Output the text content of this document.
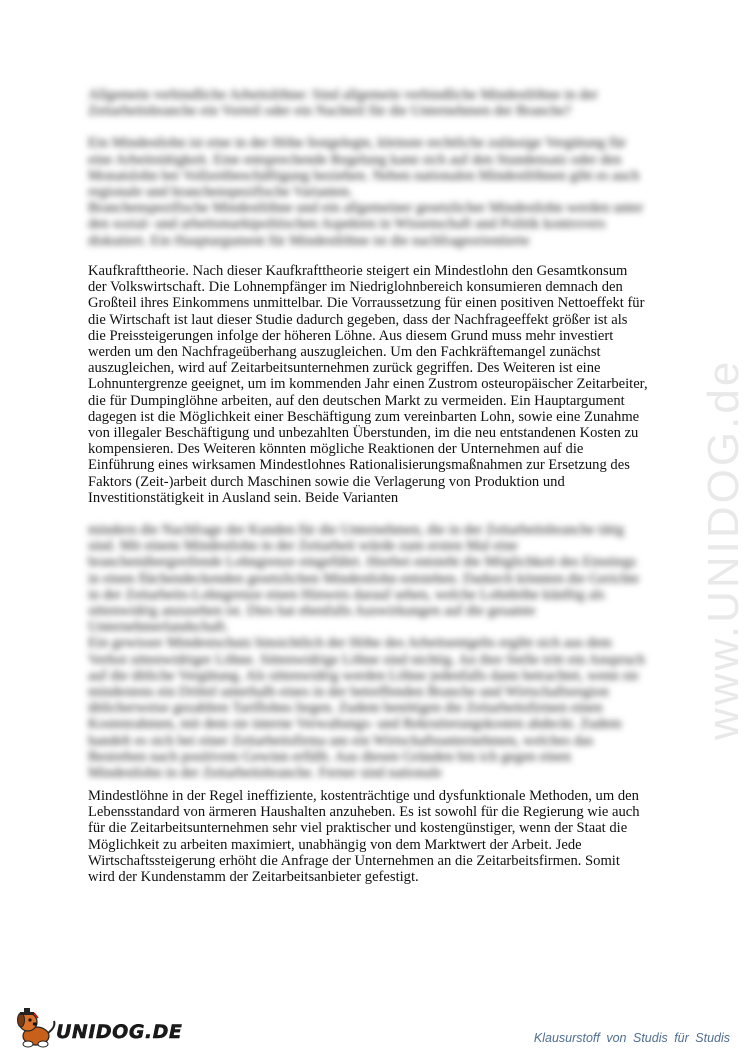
Allgemein verbindliche Arbeitslöhne: Sind allgemein verbindliche Mindestlöhne in der Zeitarbeitsbranche ein Vorteil oder ein Nachteil für die Unternehmen der Branche?

Ein Mindestlohn ist eine in der Höhe festgelegte, kleinste rechtliche zulässige Vergütung für eine Arbeitstätigkeit. Eine entsprechende Regelung kann sich auf den Stundensatz oder den Monatslohn bei Vollzeitbeschäftigung beziehen. Neben nationalen Mindestlöhnen gibt es auch regionale und branchenspezifische Varianten.

Branchenspezifische Mindestlöhne und ein allgemeiner gesetzlicher Mindestlohn werden unter den sozial- und arbeitsmarktpolitischen Aspekten in Wissenschaft und Politik kontrovers diskutiert. Ein Hauptargument für Mindestlöhne ist die nachfrageorientierte

Kaufkrafttheorie. Nach dieser Kaufkrafttheorie steigert ein Mindestlohn den Gesamtkonsum der Volkswirtschaft. Die Lohnempfänger im Niedriglohnbereich konsumieren demnach den Großteil ihres Einkommens unmittelbar. Die Vorraussetzung für einen positiven Nettoeffekt für die Wirtschaft ist laut dieser Studie dadurch gegeben, dass der Nachfrageeffekt größer ist als die Preissteigerungen infolge der höheren Löhne. Aus diesem Grund muss mehr investiert werden um den Nachfrageüberhang auszugleichen. Um den Fachkräftemangel zunächst auszugleichen, wird auf Zeitarbeitsunternehmen zurück gegriffen. Des Weiteren ist eine Lohnuntergrenze geeignet, um im kommenden Jahr einen Zustrom osteuropäischer Zeitarbeiter, die für Dumpinglöhne arbeiten, auf den deutschen Markt zu vermeiden. Ein Hauptargument dagegen ist die Möglichkeit einer Beschäftigung zum vereinbarten Lohn, sowie eine Zunahme von illegaler Beschäftigung und unbezahlten Überstunden, im die neu entstandenen Kosten zu kompensieren. Des Weiteren könnten mögliche Reaktionen der Unternehmen auf die Einführung eines wirksamen Mindestlohnes Rationalisierungsmaßnahmen zur Ersetzung des Faktors (Zeit-)arbeit durch Maschinen sowie die Verlagerung von Produktion und Investitionstätigkeit in Ausland sein. Beide Varianten

mindern die Nachfrage der Kunden für die Unternehmen, die in der Zeitarbeitsbranche tätig sind. Mit einem Mindestlohn in der Zeitarbeit würde zum ersten Mal eine branchenübergreifende Lohngrenze eingeführt. Hierbei entsteht die Möglichkeit des Einstiegs in einen flächendeckenden gesetzlichen Mindestlohn entstehen. Dadurch könnten die Gerichte in der Zeitarbeits-Lohngrenze einen Hinweis darauf sehen, welche Lohnhöhe künftig als sittenwidrig anzusehen ist. Dies hat ebenfalls Auswirkungen auf die gesamte Unternehmerlandschaft.

Ein gewisser Mindestschutz hinsichtlich der Höhe des Arbeitsentgelts ergibt sich aus dem Verbot sittenwidriger Löhne. Sittenwidrige Löhne sind nichtig. An ihre Stelle tritt ein Anspruch auf die übliche Vergütung. Als sittenwidrig werden Löhne jedenfalls dann betrachtet, wenn sie mindestens ein Drittel unterhalb eines in der betreffenden Branche und Wirtschaftsregion üblicherweise gezahlten Tariflohns liegen. Zudem benötigen die Zeitarbeitsfirmen einen Kostenrahmen, mit dem sie interne Verwaltungs- und Rekrutierungskosten abdeckt. Zudem handelt es sich bei einer Zeitarbeitsfirma um ein Wirtschaftsunternehmen, welches das Bestreben nach positivem Gewinn erfüllt. Aus diesen Gründen bin ich gegen einen Mindestlohn in der Zeitarbeitsbranche. Ferner sind nationale

Mindestlöhne in der Regel ineffiziente, kostenträchtige und dysfunktionale Methoden, um den Lebensstandard von ärmeren Haushalten anzuheben. Es ist sowohl für die Regierung wie auch für die Zeitarbeitsunternehmen sehr viel praktischer und kostengünstiger, wenn der Staat die Möglichkeit zu arbeiten maximiert, unabhängig von dem Marktwert der Arbeit. Jede Wirtschaftssteigerung erhöht die Anfrage der Unternehmen an die Zeitarbeitsfirmen. Somit wird der Kundenstamm der Zeitarbeitsanbieter gefestigt.

www.UNIDOG.de
UNIDOG.DE	Klausurstoff von Studis für Studis
